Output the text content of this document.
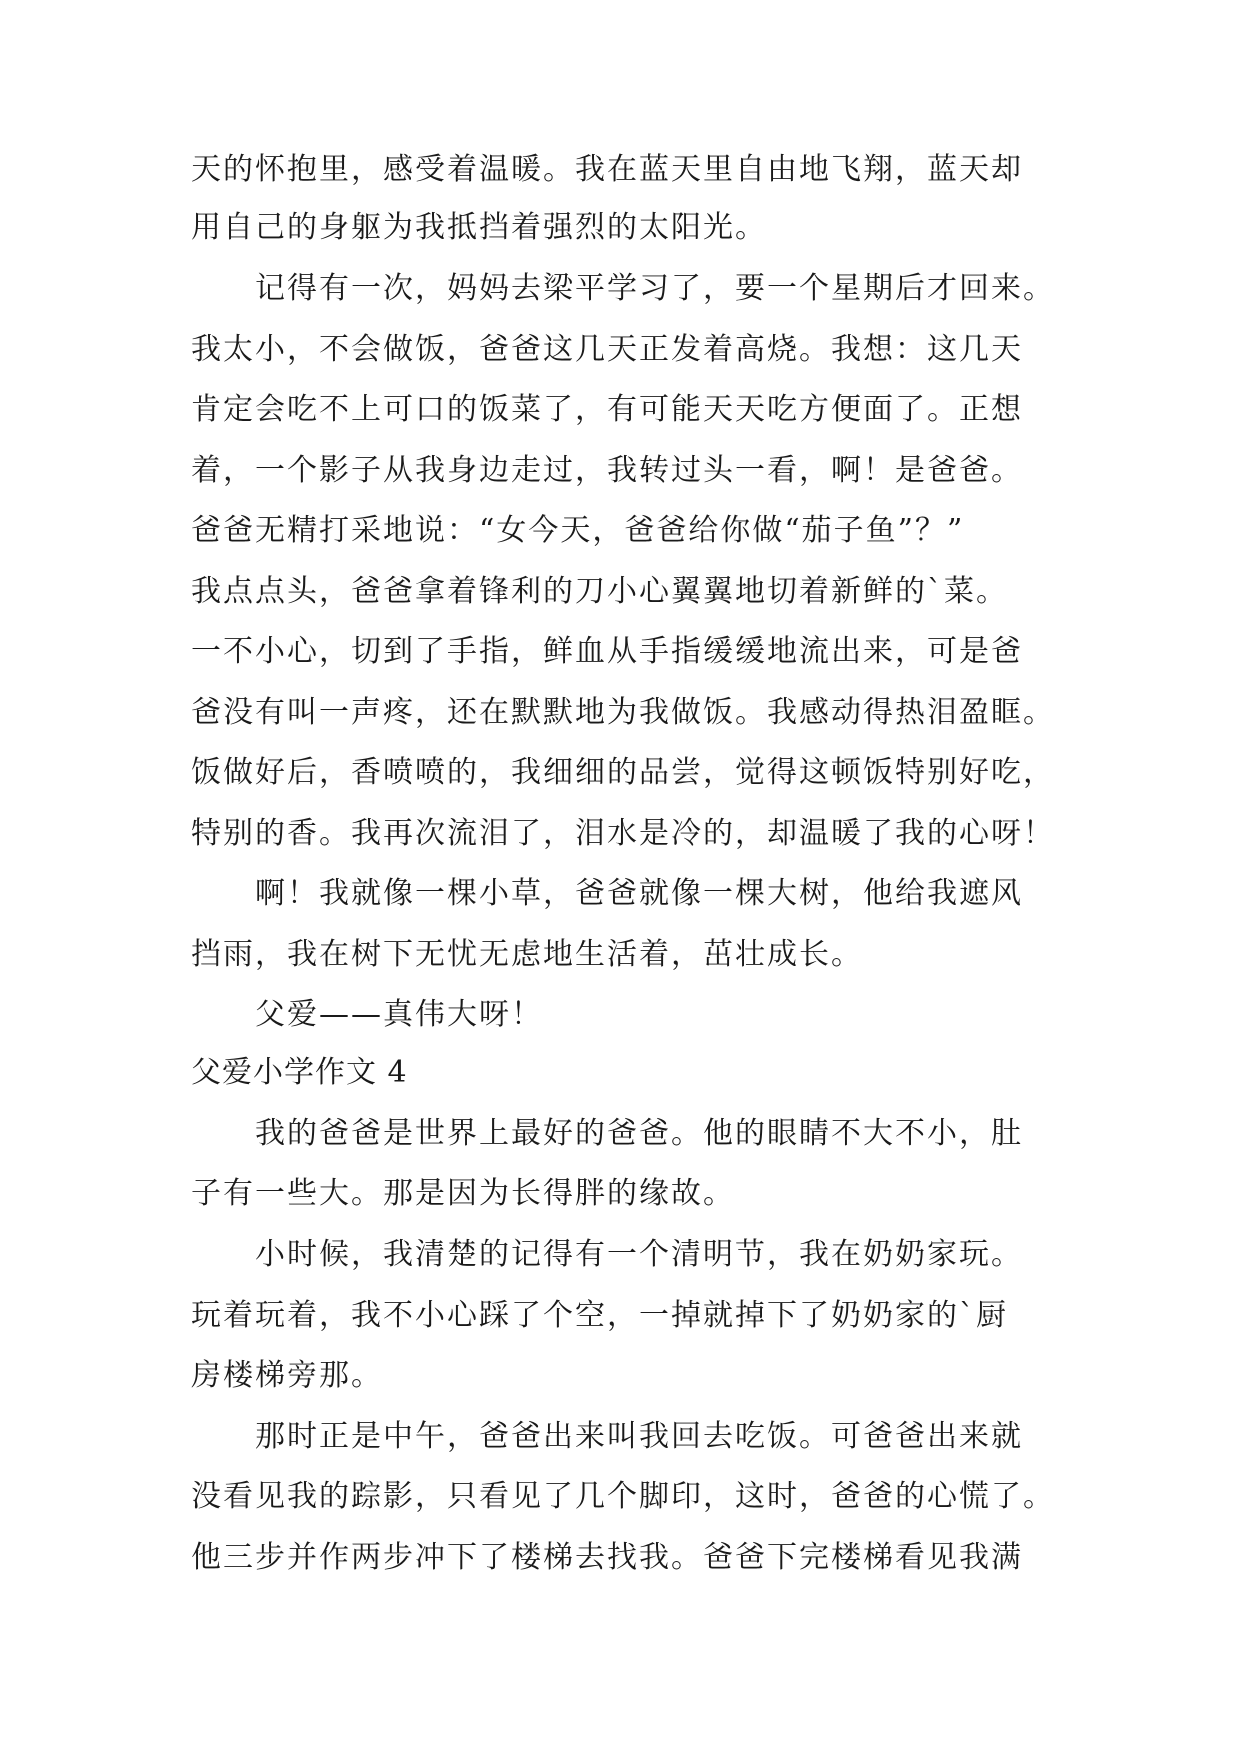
天的怀抱里，感受着温暖。我在蓝天里自由地飞翔，蓝天却
用自己的身躯为我抵挡着强烈的太阳光。
记得有一次，妈妈去梁平学习了，要一个星期后才回来。
我太小，不会做饭，爸爸这几天正发着高烧。我想：这几天
肯定会吃不上可口的饭菜了，有可能天天吃方便面了。正想
着，一个影子从我身边走过，我转过头一看，啊！是爸爸。
爸爸无精打采地说：“女今天，爸爸给你做“茄子鱼”？”
我点点头，爸爸拿着锋利的刀小心翼翼地切着新鲜的`菜。
一不小心，切到了手指，鲜血从手指缓缓地流出来，可是爸
爸没有叫一声疼，还在默默地为我做饭。我感动得热泪盈眶。
饭做好后，香喷喷的，我细细的品尝，觉得这顿饭特别好吃，
特别的香。我再次流泪了，泪水是冷的，却温暖了我的心呀！
啊！我就像一棵小草，爸爸就像一棵大树，他给我遮风
挡雨，我在树下无忧无虑地生活着，茁壮成长。
父爱——真伟大呀！
父爱小学作文 4
我的爸爸是世界上最好的爸爸。他的眼睛不大不小，肚
子有一些大。那是因为长得胖的缘故。
小时候，我清楚的记得有一个清明节，我在奶奶家玩。
玩着玩着，我不小心踩了个空，一掉就掉下了奶奶家的`厨
房楼梯旁那。
那时正是中午，爸爸出来叫我回去吃饭。可爸爸出来就
没看见我的踪影，只看见了几个脚印，这时，爸爸的心慌了。
他三步并作两步冲下了楼梯去找我。爸爸下完楼梯看见我满
